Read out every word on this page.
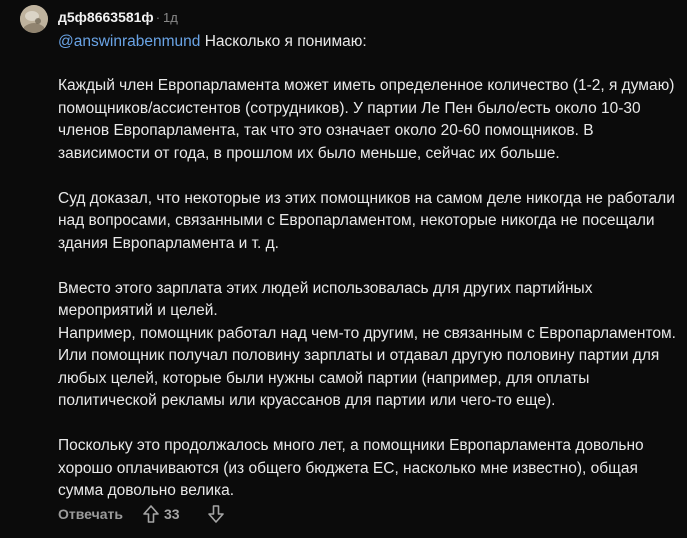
д5ф8663581ф · 1д
@answinrabenmund Насколько я понимаю:

Каждый член Европарламента может иметь определенное количество (1-2, я думаю) помощников/ассистентов (сотрудников). У партии Ле Пен было/есть около 10-30 членов Европарламента, так что это означает около 20-60 помощников. В зависимости от года, в прошлом их было меньше, сейчас их больше.

Суд доказал, что некоторые из этих помощников на самом деле никогда не работали над вопросами, связанными с Европарламентом, некоторые никогда не посещали здания Европарламента и т. д.

Вместо этого зарплата этих людей использовалась для других партийных мероприятий и целей.
Например, помощник работал над чем-то другим, не связанным с Европарламентом. Или помощник получал половину зарплаты и отдавал другую половину партии для любых целей, которые были нужны самой партии (например, для оплаты политической рекламы или круассанов для партии или чего-то еще).

Поскольку это продолжалось много лет, а помощники Европарламента довольно хорошо оплачиваются (из общего бюджета ЕС, насколько мне известно), общая сумма довольно велика.

Отвечать	33
